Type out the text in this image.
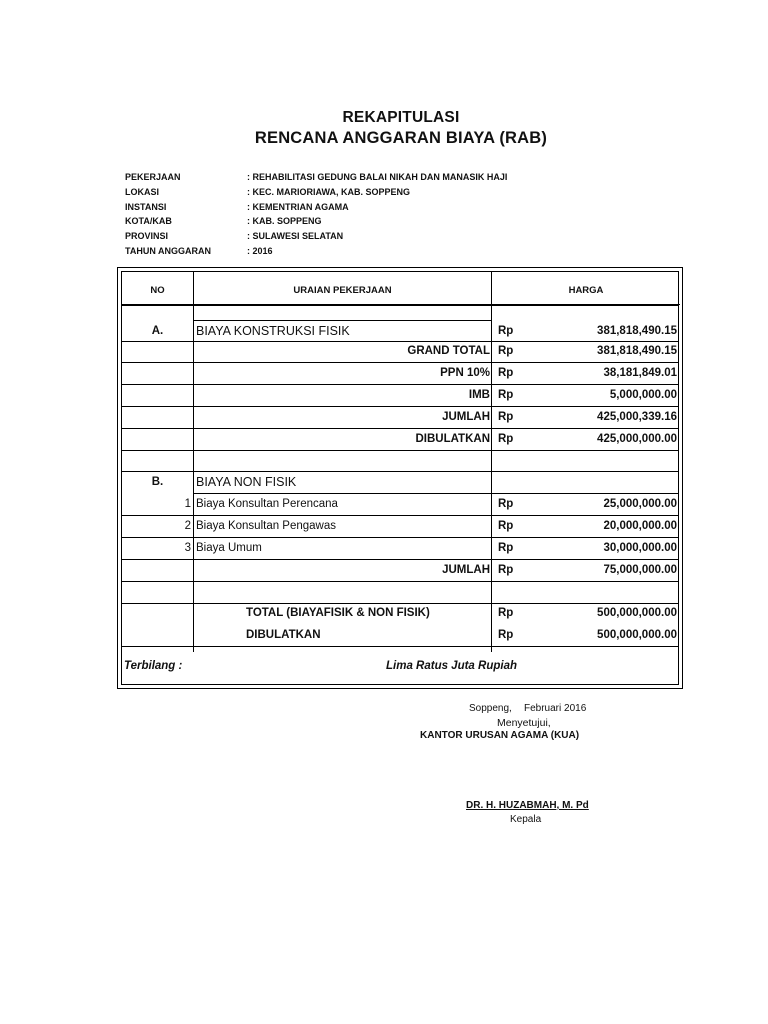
REKAPITULASI
RENCANA ANGGARAN BIAYA (RAB)
PEKERJAAN	: REHABILITASI GEDUNG BALAI NIKAH DAN MANASIK HAJI
LOKASI	: KEC. MARIORIAWA, KAB. SOPPENG
INSTANSI	: KEMENTRIAN AGAMA
KOTA/KAB	: KAB. SOPPENG
PROVINSI	: SULAWESI SELATAN
TAHUN ANGGARAN	: 2016
NO	URAIAN PEKERJAAN	HARGA
A.	BIAYA KONSTRUKSI FISIK	Rp	381,818,490.15
GRAND TOTAL Rp	381,818,490.15
PPN 10% Rp	38,181,849.01
IMB Rp	5,000,000.00
JUMLAH Rp	425,000,339.16
DIBULATKAN Rp	425,000,000.00
B.	BIAYA NON FISIK
1 Biaya Konsultan Perencana	Rp	25,000,000.00
2 Biaya Konsultan Pengawas	Rp	20,000,000.00
3 Biaya Umum	Rp	30,000,000.00
JUMLAH Rp	75,000,000.00
TOTAL (BIAYAFISIK & NON FISIK)	Rp	500,000,000.00
DIBULATKAN	Rp	500,000,000.00
Terbilang :	Lima Ratus Juta Rupiah
Soppeng, Februari 2016
Menyetujui,
KANTOR URUSAN AGAMA (KUA)
DR. H. HUZABMAH, M. Pd
Kepala
